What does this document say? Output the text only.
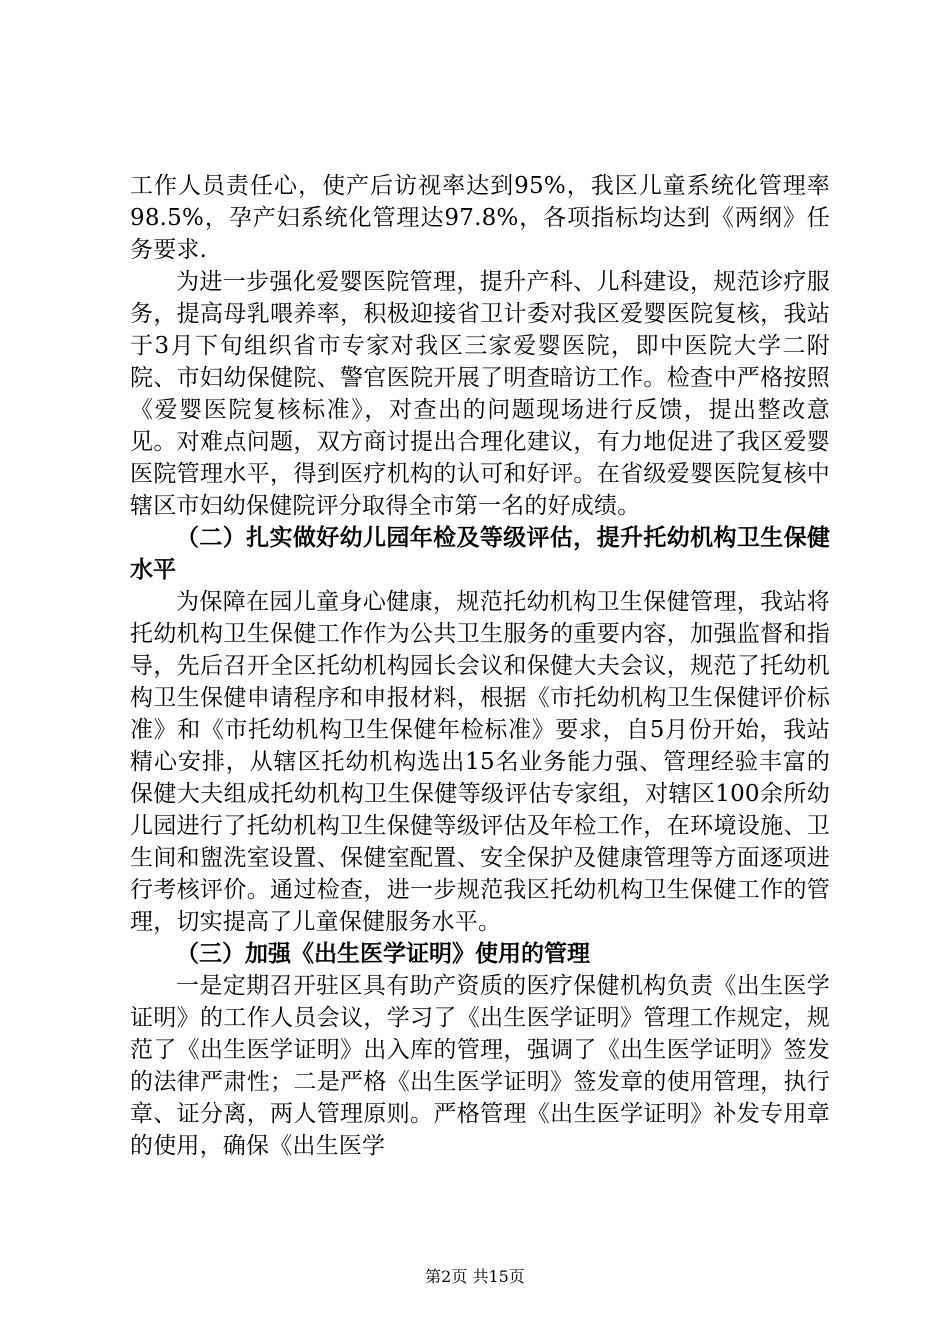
工作人员责任心，使产后访视率达到95%，我区儿童系统化管理率98.5%，孕产妇系统化管理达97.8%，各项指标均达到《两纲》任务要求.

为进一步强化爱婴医院管理，提升产科、儿科建设，规范诊疗服务，提高母乳喂养率，积极迎接省卫计委对我区爱婴医院复核，我站于3月下旬组织省市专家对我区三家爱婴医院，即中医院大学二附院、市妇幼保健院、警官医院开展了明查暗访工作。检查中严格按照《爱婴医院复核标准》，对查出的问题现场进行反馈，提出整改意见。对难点问题，双方商讨提出合理化建议，有力地促进了我区爱婴医院管理水平，得到医疗机构的认可和好评。在省级爱婴医院复核中辖区市妇幼保健院评分取得全市第一名的好成绩。

（二）扎实做好幼儿园年检及等级评估，提升托幼机构卫生保健水平

为保障在园儿童身心健康，规范托幼机构卫生保健管理，我站将托幼机构卫生保健工作作为公共卫生服务的重要内容，加强监督和指导，先后召开全区托幼机构园长会议和保健大夫会议，规范了托幼机构卫生保健申请程序和申报材料，根据《市托幼机构卫生保健评价标准》和《市托幼机构卫生保健年检标准》要求，自5月份开始，我站精心安排，从辖区托幼机构选出15名业务能力强、管理经验丰富的保健大夫组成托幼机构卫生保健等级评估专家组，对辖区100余所幼儿园进行了托幼机构卫生保健等级评估及年检工作，在环境设施、卫生间和盥洗室设置、保健室配置、安全保护及健康管理等方面逐项进行考核评价。通过检查，进一步规范我区托幼机构卫生保健工作的管理，切实提高了儿童保健服务水平。

（三）加强《出生医学证明》使用的管理

一是定期召开驻区具有助产资质的医疗保健机构负责《出生医学证明》的工作人员会议，学习了《出生医学证明》管理工作规定，规范了《出生医学证明》出入库的管理，强调了《出生医学证明》签发的法律严肃性；二是严格《出生医学证明》签发章的使用管理，执行章、证分离，两人管理原则。严格管理《出生医学证明》补发专用章的使用，确保《出生医学

第2页 共15页
